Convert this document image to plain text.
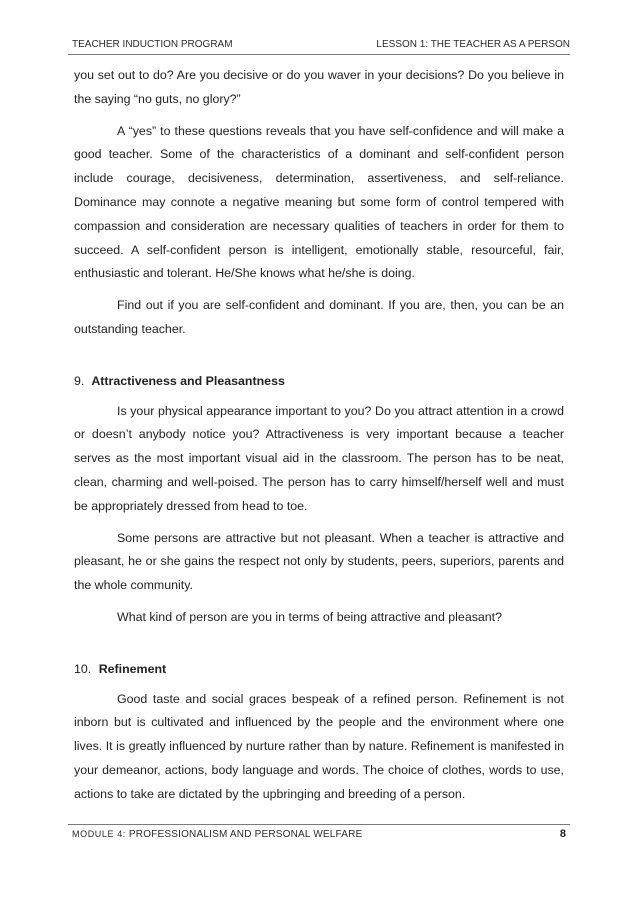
TEACHER INDUCTION PROGRAM	LESSON 1: THE TEACHER AS A PERSON

you set out to do? Are you decisive or do you waver in your decisions? Do you believe in the saying “no guts, no glory?”

A “yes” to these questions reveals that you have self-confidence and will make a good teacher. Some of the characteristics of a dominant and self-confident person include courage, decisiveness, determination, assertiveness, and self-reliance. Dominance may connote a negative meaning but some form of control tempered with compassion and consideration are necessary qualities of teachers in order for them to succeed. A self-confident person is intelligent, emotionally stable, resourceful, fair, enthusiastic and tolerant. He/She knows what he/she is doing.

Find out if you are self-confident and dominant. If you are, then, you can be an outstanding teacher.

9. Attractiveness and Pleasantness

Is your physical appearance important to you? Do you attract attention in a crowd or doesn’t anybody notice you? Attractiveness is very important because a teacher serves as the most important visual aid in the classroom. The person has to be neat, clean, charming and well-poised. The person has to carry himself/herself well and must be appropriately dressed from head to toe.

Some persons are attractive but not pleasant. When a teacher is attractive and pleasant, he or she gains the respect not only by students, peers, superiors, parents and the whole community.

What kind of person are you in terms of being attractive and pleasant?

10. Refinement

Good taste and social graces bespeak of a refined person. Refinement is not inborn but is cultivated and influenced by the people and the environment where one lives. It is greatly influenced by nurture rather than by nature. Refinement is manifested in your demeanor, actions, body language and words. The choice of clothes, words to use, actions to take are dictated by the upbringing and breeding of a person.

MODULE 4: PROFESSIONALISM AND PERSONAL WELFARE	8
